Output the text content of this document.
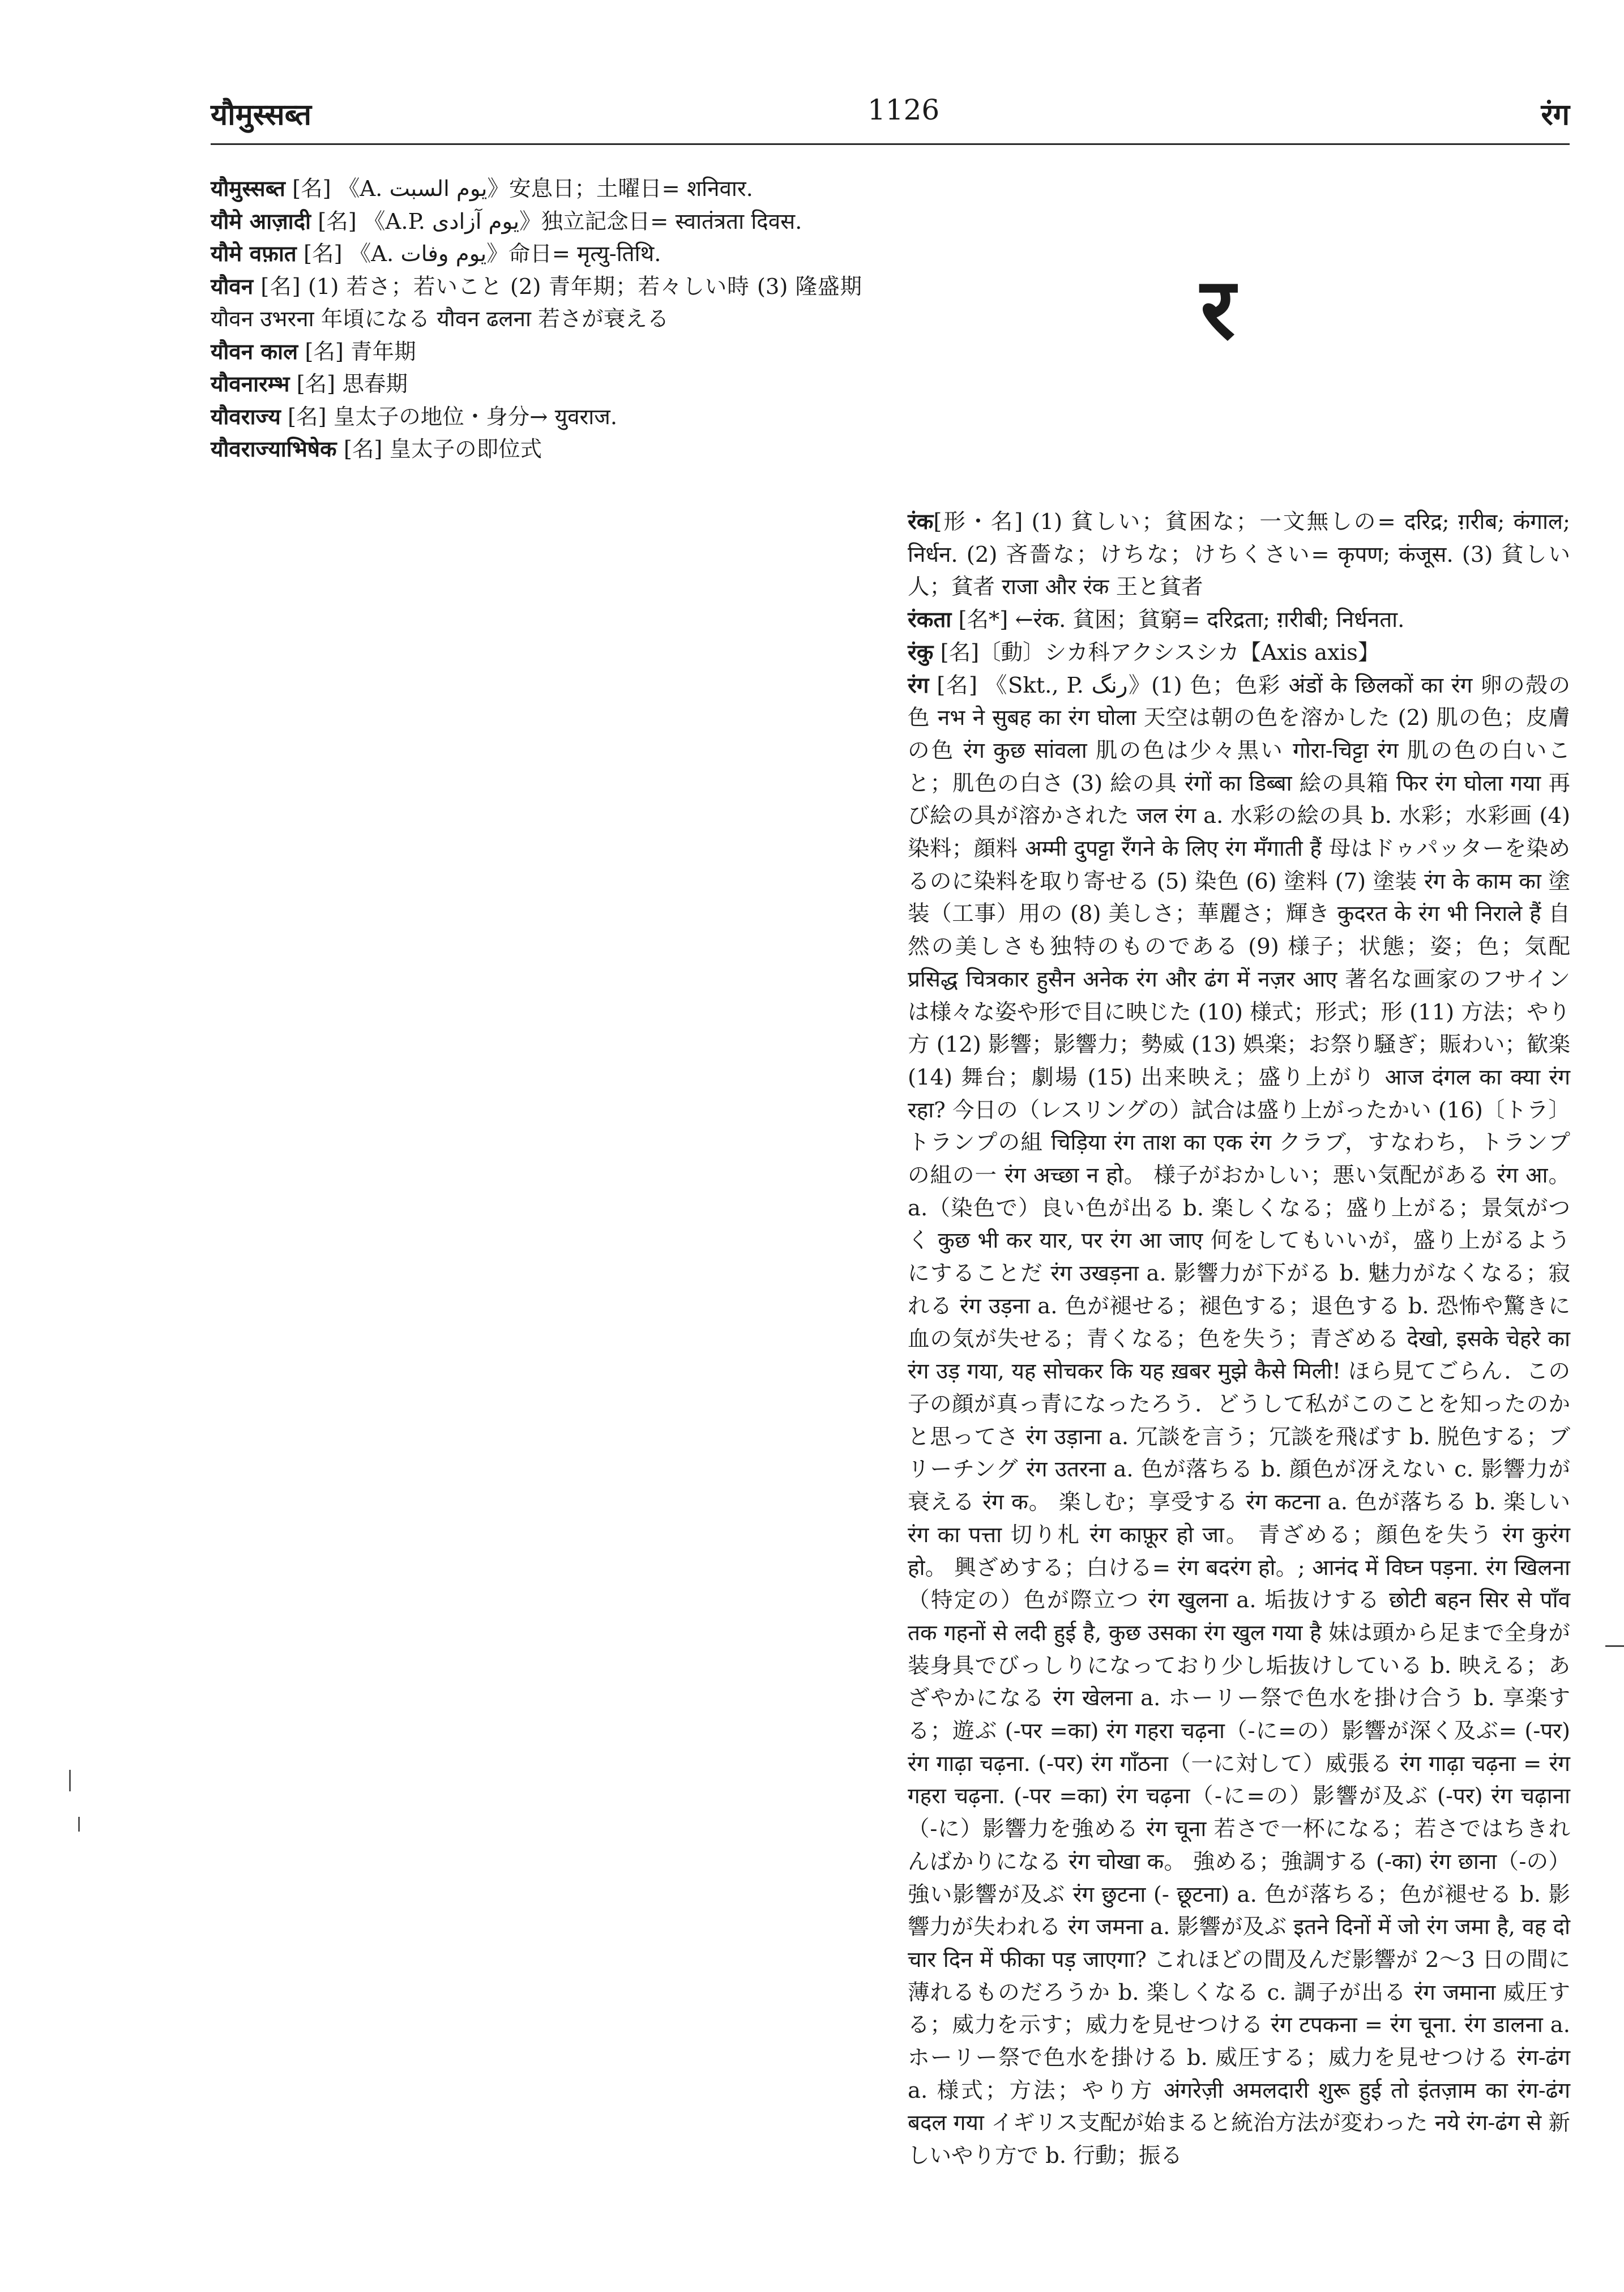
यौमुस्सब्त	1126	रंग

यौमुस्सब्त [名] 《A. يوم السبت》安息日；土曜日= शनिवार.

यौमे आज़ादी [名] 《A.P. يوم آزادی》独立記念日= स्वातंत्रता दिवस.

यौमे वफ़ात [名] 《A. يوم وفات》命日= मृत्यु-तिथि.

यौवन [名] (1) 若さ；若いこと (2) 青年期；若々しい時 (3) 隆盛期 यौवन उभरना 年頃になる यौवन ढलना 若さが衰える

यौवन काल [名] 青年期

यौवनारम्भ [名] 思春期

यौवराज्य [名] 皇太子の地位・身分→ युवराज.

यौवराज्याभिषेक [名] 皇太子の即位式

र

रंक[形・名] (1) 貧しい；貧困な；一文無しの= दरिद्र; ग़रीब; कंगाल; निर्धन. (2) 吝嗇な；けちな；けちくさい= कृपण; कंजूस. (3) 貧しい人；貧者 राजा और रंक 王と貧者

रंकता [名*] ←रंक. 貧困；貧窮= दरिद्रता; ग़रीबी; निर्धनता.

रंकु [名]〔動〕シカ科アクシスシカ【Axis axis】

रंग [名] 《Skt., P. رنگ》(1) 色；色彩 अंडों के छिलकों का रंग 卵の殻の色 नभ ने सुबह का रंग घोला 天空は朝の色を溶かした (2) 肌の色；皮膚の色 रंग कुछ सांवला 肌の色は少々黒い गोरा-चिट्टा रंग 肌の色の白いこと；肌色の白さ (3) 絵の具 रंगों का डिब्बा 絵の具箱 फिर रंग घोला गया 再び絵の具が溶かされた जल रंग a. 水彩の絵の具 b. 水彩；水彩画 (4) 染料；顔料 अम्मी दुपट्टा रँगने के लिए रंग मँगाती हैं 母はドゥパッターを染めるのに染料を取り寄せる (5) 染色 (6) 塗料 (7) 塗装 रंग के काम का 塗装（工事）用の (8) 美しさ；華麗さ；輝き कुदरत के रंग भी निराले हैं 自然の美しさも独特のものである (9) 様子；状態；姿；色；気配 प्रसिद्ध चित्रकार हुसैन अनेक रंग और ढंग में नज़र आए 著名な画家のフサインは様々な姿や形で目に映じた (10) 様式；形式；形 (11) 方法；やり方 (12) 影響；影響力；勢威 (13) 娯楽；お祭り騒ぎ；賑わい；歓楽 (14) 舞台；劇場 (15) 出来映え；盛り上がり आज दंगल का क्या रंग रहा? 今日の（レスリングの）試合は盛り上がったかい (16)〔トラ〕トランプの組 चिड़िया रंग ताश का एक रंग クラブ，すなわち，トランプの組の一 रंग अच्छा न हो。 様子がおかしい；悪い気配がある रंग आ。 a.（染色で）良い色が出る b. 楽しくなる；盛り上がる；景気がつく कुछ भी कर यार, पर रंग आ जाए 何をしてもいいが，盛り上がるようにすることだ रंग उखड़ना a. 影響力が下がる b. 魅力がなくなる；寂れる रंग उड़ना a. 色が褪せる；褪色する；退色する b. 恐怖や驚きに血の気が失せる；青くなる；色を失う；青ざめる देखो, इसके चेहरे का रंग उड़ गया, यह सोचकर कि यह ख़बर मुझे कैसे मिली! ほら見てごらん．この子の顔が真っ青になったろう．どうして私がこのことを知ったのかと思ってさ रंग उड़ाना a. 冗談を言う；冗談を飛ばす b. 脱色する；ブリーチング रंग उतरना a. 色が落ちる b. 顔色が冴えない c. 影響力が衰える रंग क。 楽しむ；享受する रंग कटना a. 色が落ちる b. 楽しい रंग का पत्ता 切り札 रंग काफ़ूर हो जा。 青ざめる；顔色を失う रंग कुरंग हो。 興ざめする；白ける= रंग बदरंग हो。; आनंद में विघ्न पड़ना. रंग खिलना（特定の）色が際立つ रंग खुलना a. 垢抜けする छोटी बहन सिर से पाँव तक गहनों से लदी हुई है, कुछ उसका रंग खुल गया है 妹は頭から足まで全身が装身具でびっしりになっており少し垢抜けしている b. 映える；あざやかになる रंग खेलना a. ホーリー祭で色水を掛け合う b. 享楽する；遊ぶ (-पर =का) रंग गहरा चढ़ना（-に=の）影響が深く及ぶ= (-पर) रंग गाढ़ा चढ़ना. (-पर) रंग गाँठना（一に対して）威張る रंग गाढ़ा चढ़ना = रंग गहरा चढ़ना. (-पर =का) रंग चढ़ना（-に=の）影響が及ぶ (-पर) रंग चढ़ाना（-に）影響力を強める रंग चूना 若さで一杯になる；若さではちきれんばかりになる रंग चोखा क。 強める；強調する (-का) रंग छाना（-の）強い影響が及ぶ रंग छुटना (- छूटना) a. 色が落ちる；色が褪せる b. 影響力が失われる रंग जमना a. 影響が及ぶ इतने दिनों में जो रंग जमा है, वह दो चार दिन में फीका पड़ जाएगा? これほどの間及んだ影響が 2〜3 日の間に薄れるものだろうか b. 楽しくなる c. 調子が出る रंग जमाना 威圧する；威力を示す；威力を見せつける रंग टपकना = रंग चूना. रंग डालना a. ホーリー祭で色水を掛ける b. 威圧する；威力を見せつける रंग-ढंग a. 様式；方法；やり方 अंगरेज़ी अमलदारी शुरू हुई तो इंतज़ाम का रंग-ढंग बदल गया イギリス支配が始まると統治方法が変わった नये रंग-ढंग से 新しいやり方で b. 行動；振る
